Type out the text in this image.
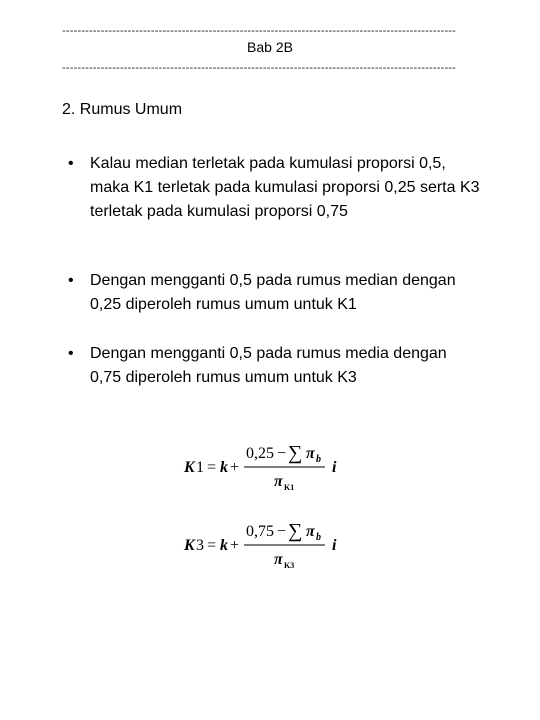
------------------------------------------------------------------------------------------------------
Bab 2B
------------------------------------------------------------------------------------------------------
2. Rumus Umum
• Kalau median terletak pada kumulasi proporsi 0,5, maka K1 terletak pada kumulasi proporsi 0,25 serta K3 terletak pada kumulasi proporsi 0,75
• Dengan mengganti 0,5 pada rumus median dengan 0,25 diperoleh rumus umum untuk K1
• Dengan mengganti 0,5 pada rumus media dengan 0,75 diperoleh rumus umum untuk K3
K 1 = k +
0,25 − ∑ π b
π K1
i
K 3 = k +
0,75 − ∑ π b
π K3
i
